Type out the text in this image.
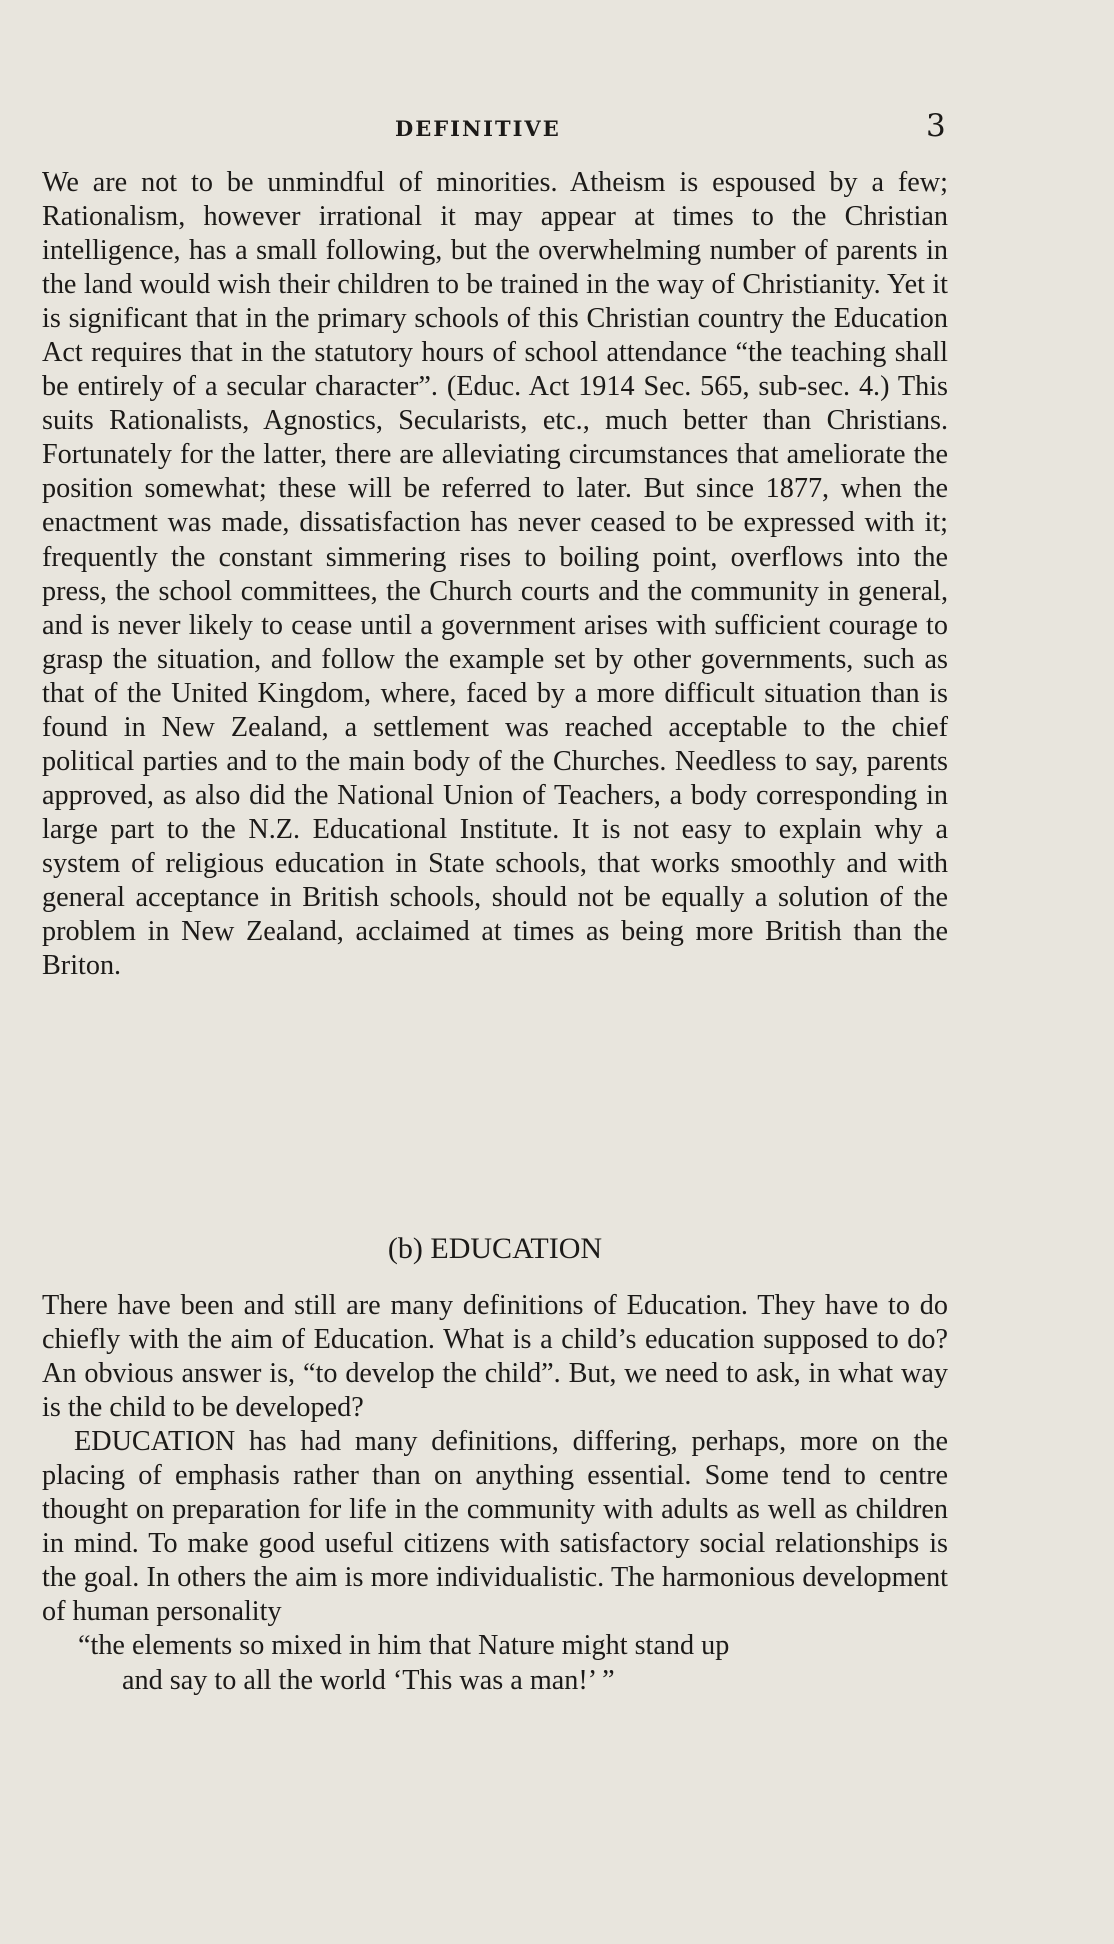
DEFINITIVE	3

We are not to be unmindful of minorities. Atheism is espoused by a few; Rationalism, however irrational it may appear at times to the Christian intelligence, has a small following, but the overwhelming number of parents in the land would wish their children to be trained in the way of Christianity. Yet it is significant that in the primary schools of this Christian country the Education Act requires that in the statutory hours of school attendance “the teaching shall be entirely of a secular character”. (Educ. Act 1914 Sec. 565, sub-sec. 4.) This suits Rationalists, Agnostics, Secularists, etc., much better than Christians. Fortunately for the latter, there are alleviating circumstances that ameliorate the position somewhat; these will be referred to later. But since 1877, when the enactment was made, dissatisfaction has never ceased to be expressed with it; frequently the constant simmering rises to boiling point, overflows into the press, the school committees, the Church courts and the community in general, and is never likely to cease until a government arises with sufficient courage to grasp the situation, and follow the example set by other governments, such as that of the United Kingdom, where, faced by a more difficult situation than is found in New Zealand, a settlement was reached acceptable to the chief political parties and to the main body of the Churches. Needless to say, parents approved, as also did the National Union of Teachers, a body corresponding in large part to the N.Z. Educational Institute. It is not easy to explain why a system of religious education in State schools, that works smoothly and with general acceptance in British schools, should not be equally a solution of the problem in New Zealand, acclaimed at times as being more British than the Briton.

(b) EDUCATION

There have been and still are many definitions of Education. They have to do chiefly with the aim of Education. What is a child’s education supposed to do? An obvious answer is, “to develop the child”. But, we need to ask, in what way is the child to be developed?

EDUCATION has had many definitions, differing, perhaps, more on the placing of emphasis rather than on anything essential. Some tend to centre thought on preparation for life in the community with adults as well as children in mind. To make good useful citizens with satisfactory social relationships is the goal. In others the aim is more individualistic. The harmonious development of human personality

“the elements so mixed in him that Nature might stand up
and say to all the world ‘This was a man!’ ”
